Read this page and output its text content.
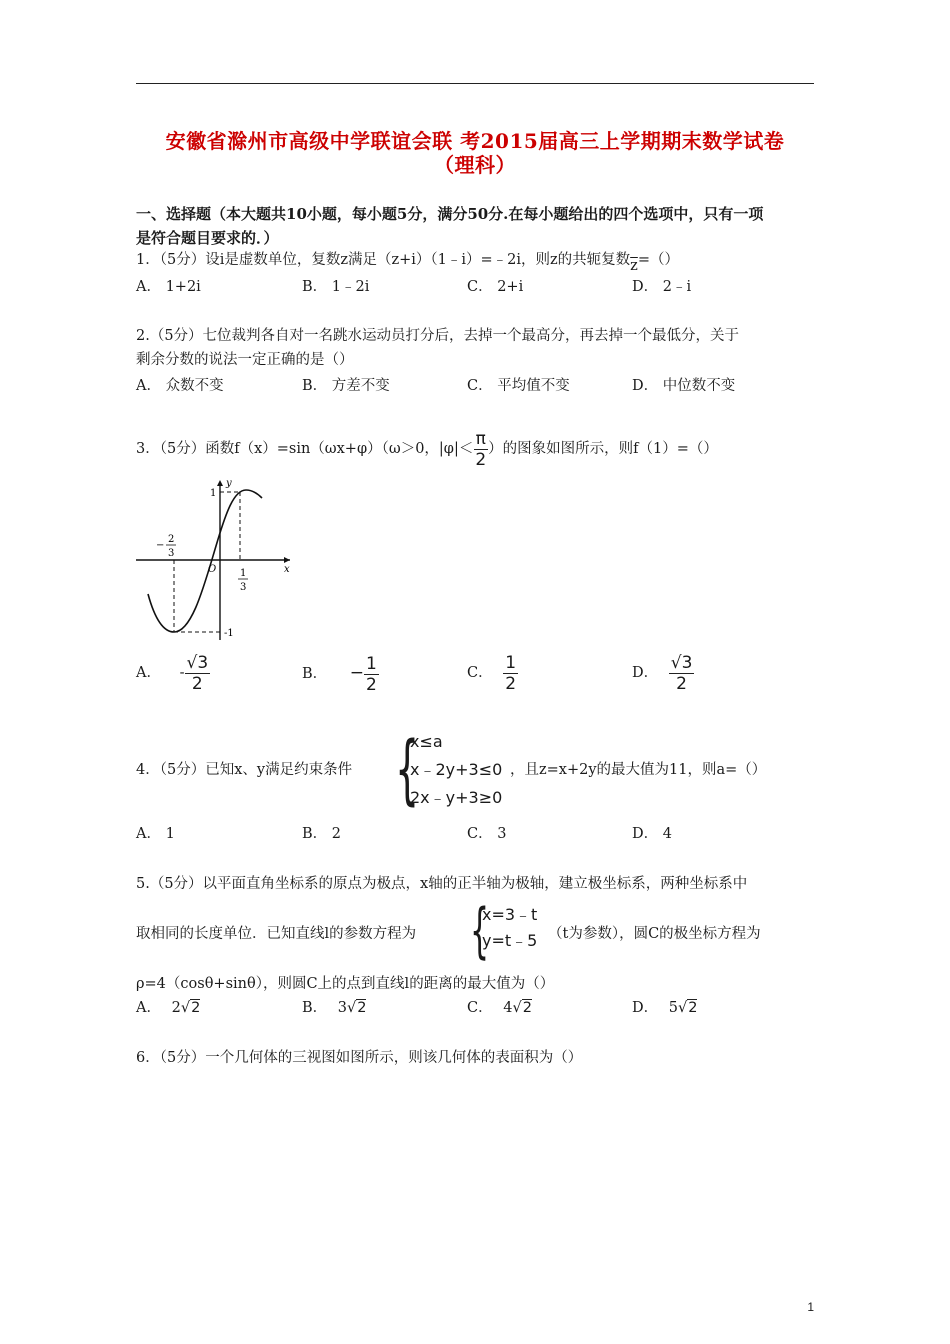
安徽省滁州市高级中学联谊会联 考2015届高三上学期期末数学试卷
（理科）
一、选择题（本大题共10小题，每小题5分，满分50分.在每小题给出的四个选项中，只有一项
是符合题目要求的．）
1．（5分）设i是虚数单位，复数z满足（z+i）（1﹣i）=﹣2i，则z的共轭复数$\overline{z}=()$
A． 1+2i	B． 1﹣2i	C． 2+i	D． 2﹣i
2.（5分）七位裁判各自对一名跳水运动员打分后，去掉一个最高分，再去掉一个最低分，关于
剩余分数的说法一定正确的是（）
A． 众数不变	B． 方差不变	C． 平均值不变	D． 中位数不变
3．（5分）函数f（x）=sin（ωx+φ）（ω＞0，$|\varphi|< \frac{\pi}{2}$ ）的图象如图所示，则f（1）=（）
y
x
O
1
-1
−
2
3
1
3
A． - $\frac{√3}{2}$	B． − $\frac{1}{2}$	C． $\frac{1}{2}$	D． $\frac{√3}{2}$
4．（5分）已知x、y满足约束条件 {
x≤a
x﹣2y+3≤0
2x﹣y+3≥0
，且z=x+2y的最大值为11，则a=（）
A． 1	B． 2	C． 3	D． 4
5.（5分）以平面直角坐标系的原点为极点，x轴的正半轴为极轴，建立极坐标系，两种坐标系中
取相同的长度单位．已知直线l的参数方程为 {
x=3﹣t
y=t﹣5 （t为参数），圆C的极坐标方程为
ρ=4（cosθ+sinθ），则圆C上的点到直线l的距离的最大值为（）
A． 2√2	B． 3√2	C． 4√2	D． 5√2
6．（5分）一个几何体的三视图如图所示，则该几何体的表面积为（）
1
